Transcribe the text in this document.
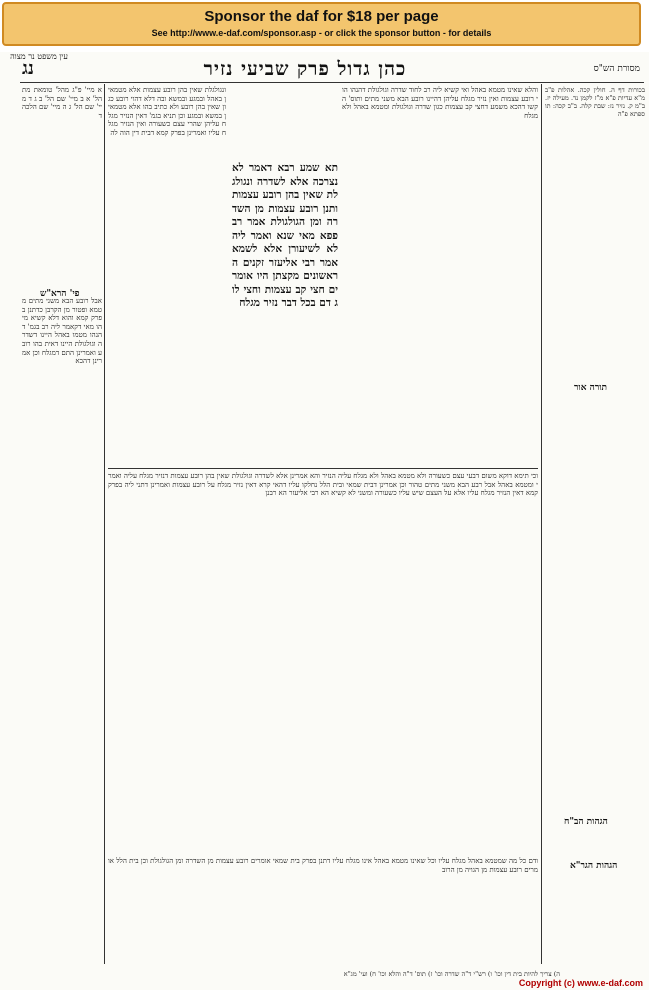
Sponsor the daf for $18 per page
See http://www.e-daf.com/sponsor.asp - or click the sponsor button - for details
מסורת הש"ס
כהן גדול פרק שביעי נזיר
נג
עין משפט נר מצוה
ונגולגלת שאין בהן רובע עצמות אלא מטמאין באהל ובמגע ובמשא ובה דלא דהוי רובע כגון שאין בהן רובע ולא כתיב בהו אלא מטמאין במשא ובמגע וכן תניא בגמ' דאין הנזיר מגלח עליהן שהרי עצם כשעורה ואין הנזיר מגלח עליו ואמרינן בפרק קמא דבית דין הוה לה
והלא שאינו מטמא באהל ואי קשיא ליה רב לחוד שדרה וגולגולת דהנהו הוי רובע עצמות ואין נזיר מגלח עליהן דהיינו רובע הבא משני מתים ותוס' הקשו דהכא משמע דחצי קב עצמות כגון שדרה וגולגולת ומטמא באהל ולא מגלח
תא שמע רבא דאמר לא נצרכה אלא לשדרה ונגולגלת שאין בהן רובע עצמות ותנן רובע עצמות מן השדרה ומן הגולגולת אמר רב פפא מאי שנא ואמר ליה לא לשיעורן אלא לשמא אמר רבי אליעזר זקנים הראשונים מקצתן היו אומרים חצי קב עצמות וחצי לוג דם בכל דבר נזיר מגלח
וכי תימא דוקא משום דבעי עצם כשעורה ולא מטמא באהל ולא מגלח עליה הנזיר והא אמרינן אלא לשדרה וגולגולת שאין בהן רובע עצמות דנזיר מגלח עליה ואמרי ומטמא באהל אבל רבע הבא משני מתים טהור וכן אמרינן דבית שמאי ובית הלל נחלקו עליו דהאי קרא דאין נזיר מגלח על רובע עצמות ואמרינן דתני ליה בפרק קמא דאין הנזיר מגלח עליו אלא על העצם שיש עליו כשעורה ומשני לא קשיא הא רבי אליעזר הא רבנן
ודם כל מה שמטמא באהל מגלח עליו וכל שאינו מטמא באהל אינו מגלח עליו דתנן בפרק בית שמאי אומרים רובע עצמות מן השדרה ומן הגולגולת וכן בית הלל אומרים רובע עצמות מן הגויה מן הרוב
א מיי' פ"ג מהל' טומאת מת הל' א ב מיי' שם הל' ב ג ד מיי' שם הל' ג ה מיי' שם הלכה ד
פי' הרא"ש
אבל רובע הבא משני מתים מטמא ופטור מן הקרבן כדתנן בפרק קמא והוא דלא קשיא מיהו מאי דקאמר ליה רב בגמ' דהנהו מטמו באהל היינו דשדרה וגולגולת היינו דאית בהו רובע ואמרינן התם דמגלח וכן אמרינן דהכא
בכורות דף ה. חולין קכה. אהלות פ"ב מ"א עדיות פ"א מ"ז לקמן נד. מעילה יז. ב"מ ק. נזיר נז: שבת קלה. ב"ב קכה: תוספתא פ"ה
תורה אור
הגהות הב"ח
הגהות הגר"א
ה) צריך להיות בית דין וכו' ו) רש"י ד"ה שדרה וכו' ז) תוס' ד"ה והלא וכו' ח) ועי' מג"א
Copyright (c) www.e-daf.com
